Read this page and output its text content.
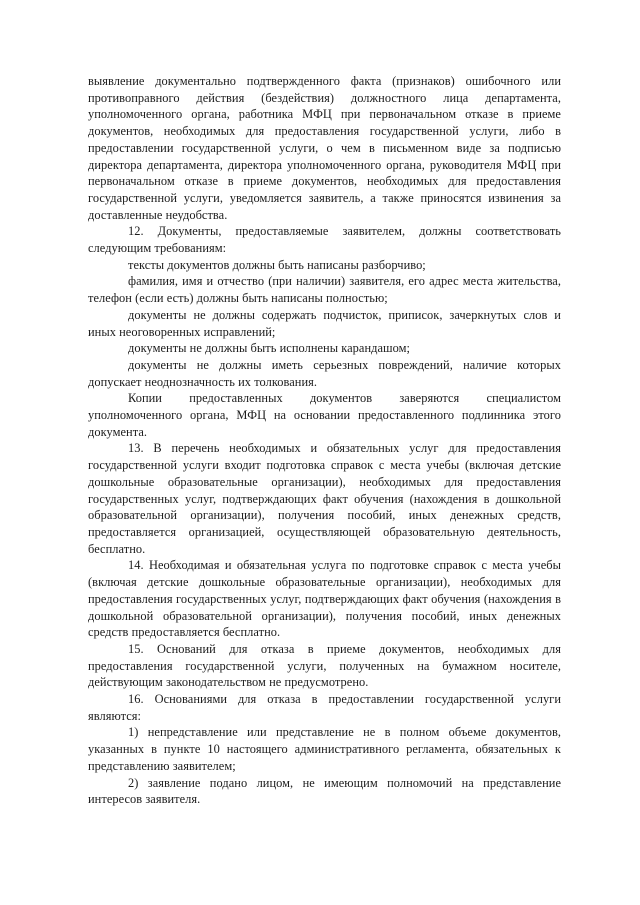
выявление документально подтвержденного факта (признаков) ошибочного или противоправного действия (бездействия) должностного лица департамента, уполномоченного органа, работника МФЦ при первоначальном отказе в приеме документов, необходимых для предоставления государственной услуги, либо в предоставлении государственной услуги, о чем в письменном виде за подписью директора департамента, директора уполномоченного органа, руководителя МФЦ при первоначальном отказе в приеме документов, необходимых для предоставления государственной услуги, уведомляется заявитель, а также приносятся извинения за доставленные неудобства.

12. Документы, предоставляемые заявителем, должны соответствовать следующим требованиям:

тексты документов должны быть написаны разборчиво;

фамилия, имя и отчество (при наличии) заявителя, его адрес места жительства, телефон (если есть) должны быть написаны полностью;

документы не должны содержать подчисток, приписок, зачеркнутых слов и иных неоговоренных исправлений;

документы не должны быть исполнены карандашом;

документы не должны иметь серьезных повреждений, наличие которых допускает неоднозначность их толкования.

Копии предоставленных документов заверяются специалистом уполномоченного органа, МФЦ на основании предоставленного подлинника этого документа.

13. В перечень необходимых и обязательных услуг для предоставления государственной услуги входит подготовка справок с места учебы (включая детские дошкольные образовательные организации), необходимых для предоставления государственных услуг, подтверждающих факт обучения (нахождения в дошкольной образовательной организации), получения пособий, иных денежных средств, предоставляется организацией, осуществляющей образовательную деятельность, бесплатно.

14. Необходимая и обязательная услуга по подготовке справок с места учебы (включая детские дошкольные образовательные организации), необходимых для предоставления государственных услуг, подтверждающих факт обучения (нахождения в дошкольной образовательной организации), получения пособий, иных денежных средств предоставляется бесплатно.

15. Оснований для отказа в приеме документов, необходимых для предоставления государственной услуги, полученных на бумажном носителе, действующим законодательством не предусмотрено.

16. Основаниями для отказа в предоставлении государственной услуги являются:

1) непредставление или представление не в полном объеме документов, указанных в пункте 10 настоящего административного регламента, обязательных к представлению заявителем;

2) заявление подано лицом, не имеющим полномочий на представление интересов заявителя.
